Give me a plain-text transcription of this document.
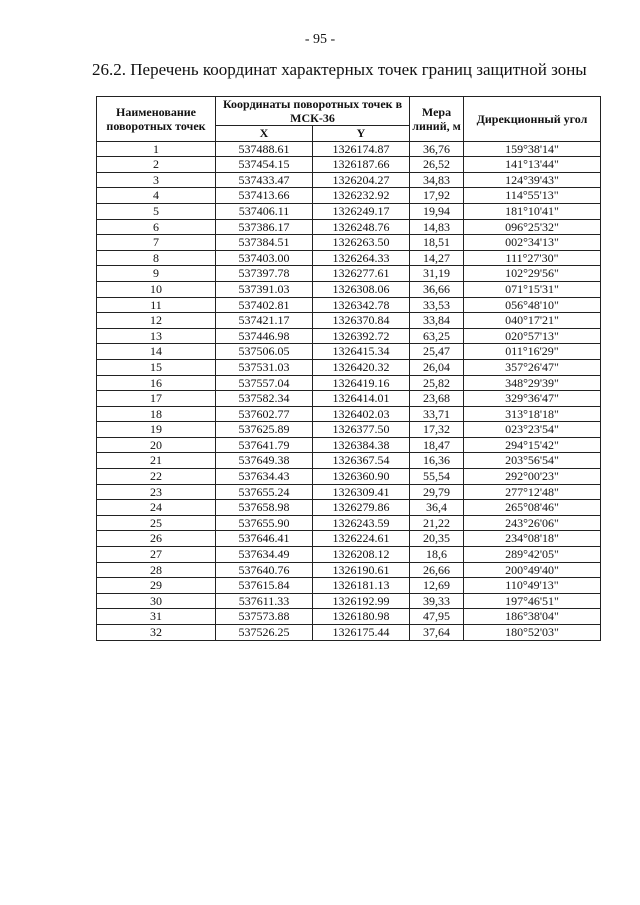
- 95 -
26.2. Перечень координат характерных точек границ защитной зоны
Наименование поворотных точек	Координаты поворотных точек в МСК-36		Мера линий, м	Дирекционный угол
	X	Y		
1	537488.61	1326174.87	36,76	159°38'14"
2	537454.15	1326187.66	26,52	141°13'44"
3	537433.47	1326204.27	34,83	124°39'43"
4	537413.66	1326232.92	17,92	114°55'13"
5	537406.11	1326249.17	19,94	181°10'41"
6	537386.17	1326248.76	14,83	096°25'32"
7	537384.51	1326263.50	18,51	002°34'13"
8	537403.00	1326264.33	14,27	111°27'30"
9	537397.78	1326277.61	31,19	102°29'56"
10	537391.03	1326308.06	36,66	071°15'31"
11	537402.81	1326342.78	33,53	056°48'10"
12	537421.17	1326370.84	33,84	040°17'21"
13	537446.98	1326392.72	63,25	020°57'13"
14	537506.05	1326415.34	25,47	011°16'29"
15	537531.03	1326420.32	26,04	357°26'47"
16	537557.04	1326419.16	25,82	348°29'39"
17	537582.34	1326414.01	23,68	329°36'47"
18	537602.77	1326402.03	33,71	313°18'18"
19	537625.89	1326377.50	17,32	023°23'54"
20	537641.79	1326384.38	18,47	294°15'42"
21	537649.38	1326367.54	16,36	203°56'54"
22	537634.43	1326360.90	55,54	292°00'23"
23	537655.24	1326309.41	29,79	277°12'48"
24	537658.98	1326279.86	36,4	265°08'46"
25	537655.90	1326243.59	21,22	243°26'06"
26	537646.41	1326224.61	20,35	234°08'18"
27	537634.49	1326208.12	18,6	289°42'05"
28	537640.76	1326190.61	26,66	200°49'40"
29	537615.84	1326181.13	12,69	110°49'13"
30	537611.33	1326192.99	39,33	197°46'51"
31	537573.88	1326180.98	47,95	186°38'04"
32	537526.25	1326175.44	37,64	180°52'03"
